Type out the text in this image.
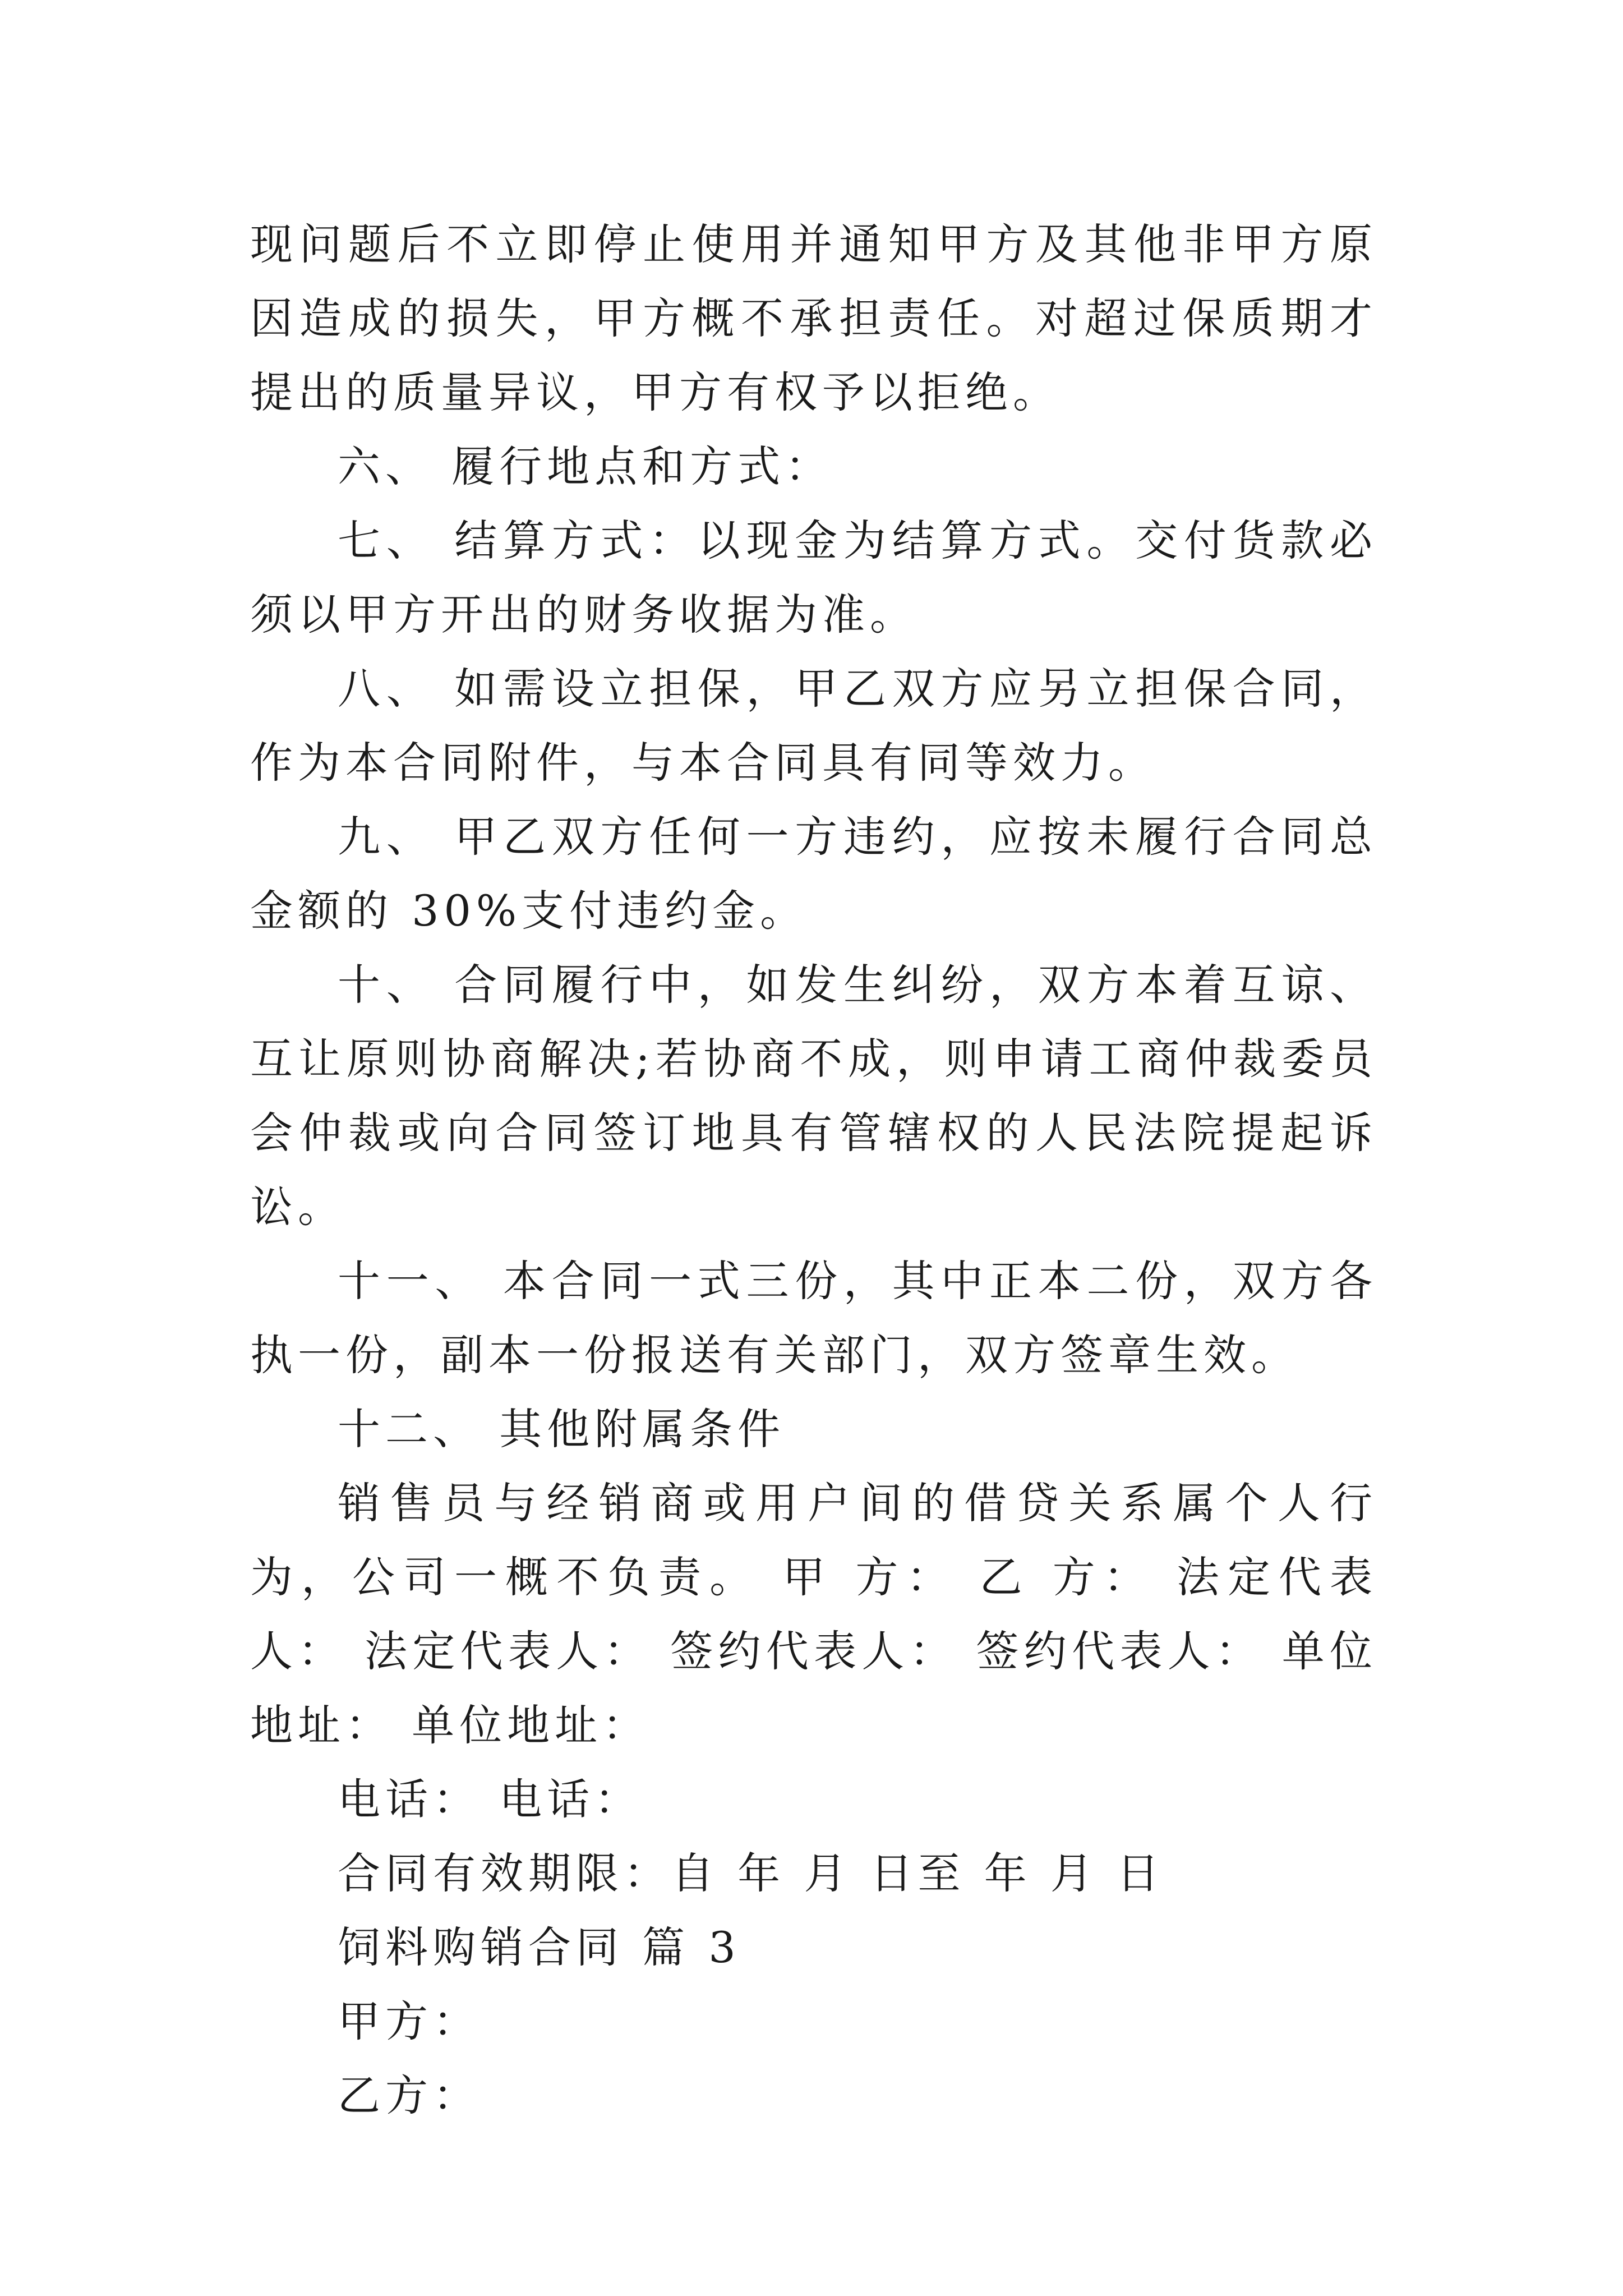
现问题后不立即停止使用并通知甲方及其他非甲方原因造成的损失，甲方概不承担责任。对超过保质期才提出的质量异议，甲方有权予以拒绝。

六、 履行地点和方式：

七、 结算方式：以现金为结算方式。交付货款必须以甲方开出的财务收据为准。

八、 如需设立担保，甲乙双方应另立担保合同，作为本合同附件，与本合同具有同等效力。

九、 甲乙双方任何一方违约，应按未履行合同总金额的 30%支付违约金。

十、 合同履行中，如发生纠纷，双方本着互谅、互让原则协商解决;若协商不成，则申请工商仲裁委员会仲裁或向合同签订地具有管辖权的人民法院提起诉讼。

十一、 本合同一式三份，其中正本二份，双方各执一份，副本一份报送有关部门，双方签章生效。

十二、 其他附属条件

销售员与经销商或用户间的借贷关系属个人行为，公司一概不负责。 甲 方： 乙 方： 法定代表人： 法定代表人： 签约代表人： 签约代表人： 单位地址： 单位地址：

电话： 电话：

合同有效期限：自 年 月 日至 年 月 日

饲料购销合同 篇 3

甲方：

乙方：
